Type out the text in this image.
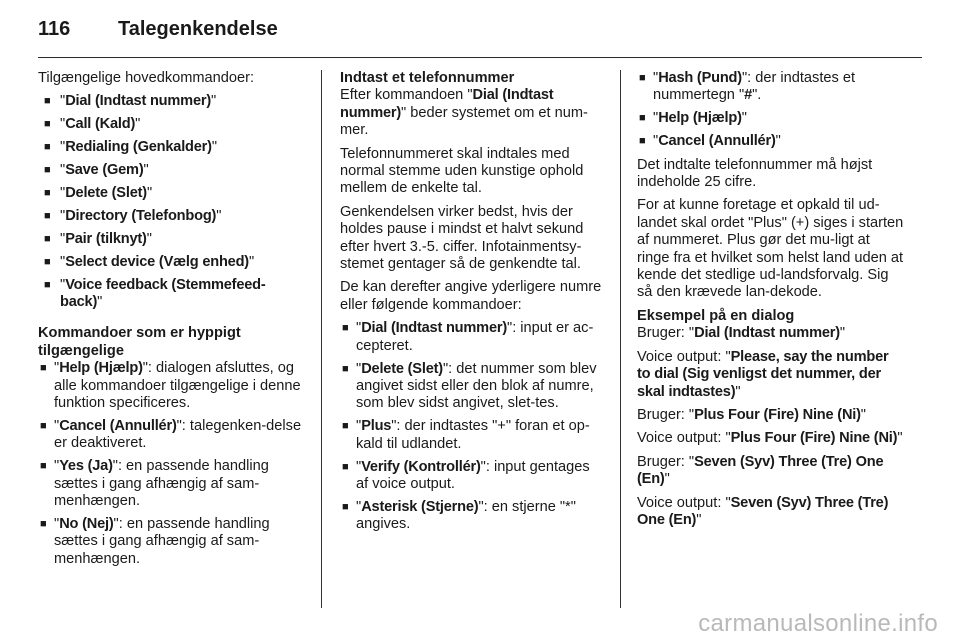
116	Talegenkendelse

Tilgængelige hovedkommandoer:

■ "Dial (Indtast nummer)"
■ "Call (Kald)"
■ "Redialing (Genkalder)"
■ "Save (Gem)"
■ "Delete (Slet)"
■ "Directory (Telefonbog)"
■ "Pair (tilknyt)"
■ "Select device (Vælg enhed)"
■ "Voice feedback (Stemmefeed-back)"

Kommandoer som er hyppigt tilgængelige

■ "Help (Hjælp)": dialogen afsluttes, og alle kommandoer tilgængelige i denne funktion specificeres.
■ "Cancel (Annullér)": talegenken-delse er deaktiveret.
■ "Yes (Ja)": en passende handling sættes i gang afhængig af sam-menhængen.
■ "No (Nej)": en passende handling sættes i gang afhængig af sam-menhængen.

Indtast et telefonnummer

Efter kommandoen "Dial (Indtast nummer)" beder systemet om et num-mer.

Telefonnummeret skal indtales med normal stemme uden kunstige ophold mellem de enkelte tal.

Genkendelsen virker bedst, hvis der holdes pause i mindst et halvt sekund efter hvert 3.-5. ciffer. Infotainmentsy-stemet gentager så de genkendte tal.

De kan derefter angive yderligere numre eller følgende kommandoer:

■ "Dial (Indtast nummer)": input er ac-cepteret.
■ "Delete (Slet)": det nummer som blev angivet sidst eller den blok af numre, som blev sidst angivet, slet-tes.
■ "Plus": der indtastes "+" foran et op-kald til udlandet.
■ "Verify (Kontrollér)": input gentages af voice output.
■ "Asterisk (Stjerne)": en stjerne "*" angives.
■ "Hash (Pund)": der indtastes et nummertegn "#".
■ "Help (Hjælp)"
■ "Cancel (Annullér)"

Det indtalte telefonnummer må højst indeholde 25 cifre.

For at kunne foretage et opkald til ud-landet skal ordet "Plus" (+) siges i starten af nummeret. Plus gør det mu-ligt at ringe fra et hvilket som helst land uden at kende det stedlige ud-landsforvalg. Sig så den krævede lan-dekode.

Eksempel på en dialog

Bruger: "Dial (Indtast nummer)"

Voice output: "Please, say the number to dial (Sig venligst det nummer, der skal indtastes)"

Bruger: "Plus Four (Fire) Nine (Ni)"

Voice output: "Plus Four (Fire) Nine (Ni)"

Bruger: "Seven (Syv) Three (Tre) One (En)"

Voice output: "Seven (Syv) Three (Tre) One (En)"

carmanualsonline.info
